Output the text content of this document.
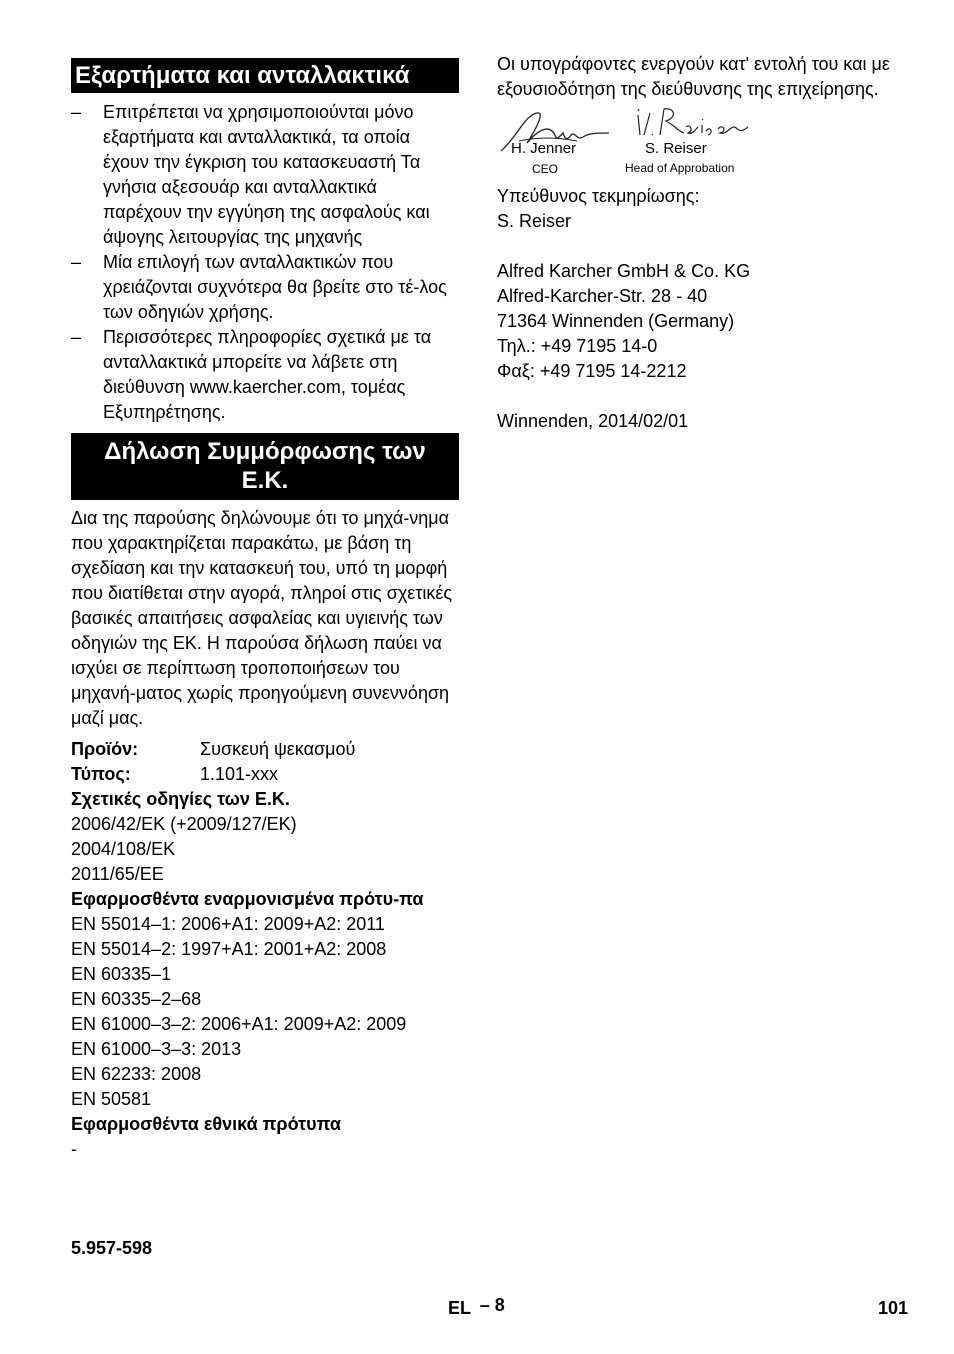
Εξαρτήματα και ανταλλακτικά
– Επιτρέπεται να χρησιμοποιούνται μόνο εξαρτήματα και ανταλλακτικά, τα οποία έχουν την έγκριση του κατασκευαστή Τα γνήσια αξεσουάρ και ανταλλακτικά παρέχουν την εγγύηση της ασφαλούς και άψογης λειτουργίας της μηχανής
– Μία επιλογή των ανταλλακτικών που χρειάζονται συχνότερα θα βρείτε στο τέ-λος των οδηγιών χρήσης.
– Περισσότερες πληροφορίες σχετικά με τα ανταλλακτικά μπορείτε να λάβετε στη διεύθυνση www.kaercher.com, τομέας Εξυπηρέτησης.
Δήλωση Συμμόρφωσης των
Ε.Κ.
Δια της παρούσης δηλώνουμε ότι το μηχά-νημα που χαρακτηρίζεται παρακάτω, με βάση τη σχεδίαση και την κατασκευή του, υπό τη μορφή που διατίθεται στην αγορά, πληροί στις σχετικές βασικές απαιτήσεις ασφαλείας και υγιεινής των οδηγιών της ΕΚ. Η παρούσα δήλωση παύει να ισχύει σε περίπτωση τροποποιήσεων του μηχανή-ματος χωρίς προηγούμενη συνεννόηση μαζί μας.
Προϊόν:	Συσκευή ψεκασμού
Τύπος:	1.101-xxx
Σχετικές οδηγίες των Ε.Κ.
2006/42/ΕΚ (+2009/127/ΕΚ)
2004/108/ΕΚ
2011/65/EE
Εφαρμοσθέντα εναρμονισμένα πρότυ-πα
EN 55014–1: 2006+A1: 2009+A2: 2011
EN 55014–2: 1997+A1: 2001+A2: 2008
EN 60335–1
EN 60335–2–68
EN 61000–3–2: 2006+A1: 2009+A2: 2009
EN 61000–3–3: 2013
EN 62233: 2008
EN 50581
Εφαρμοσθέντα εθνικά πρότυπα
-
5.957-598
Οι υπογράφοντες ενεργούν κατ' εντολή του και με εξουσιοδότηση της διεύθυνσης της επιχείρησης.
H. Jenner
CEO
S. Reiser
Head of Approbation
Υπεύθυνος τεκμηρίωσης:
S. Reiser
Alfred Karcher GmbH & Co. KG
Alfred-Karcher-Str. 28 - 40
71364 Winnenden (Germany)
Τηλ.: +49 7195 14-0
Φαξ: +49 7195 14-2212
Winnenden, 2014/02/01
EL – 8	101
